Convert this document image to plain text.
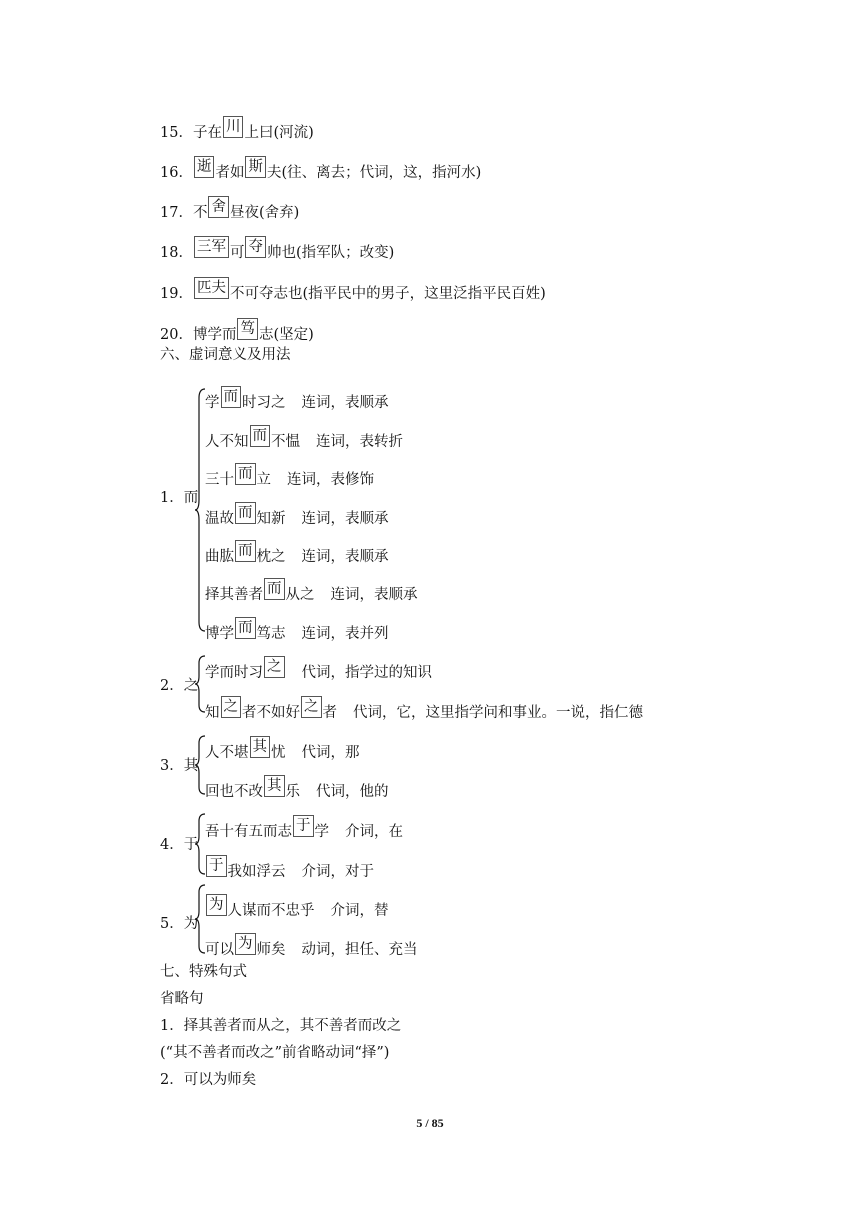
15．子在 川 上曰(河流)
16． 逝 者如 斯 夫(往、离去；代词，这，指河水)
17．不 舍 昼夜(舍弃)
18． 三军 可 夺 帅也(指军队；改变)
19． 匹夫 不可夺志也(指平民中的男子，这里泛指平民百姓)
20．博学而 笃 志(坚定)
六、虚词意义及用法
1．而
学 而 时习之 连词，表顺承
人不知 而 不愠 连词，表转折
三十 而 立 连词，表修饰
温故 而 知新 连词，表顺承
曲肱 而 枕之 连词，表顺承
择其善者 而 从之 连词，表顺承
博学 而 笃志 连词，表并列
2．之
学而时习 之 代词，指学过的知识
知 之 者不如好 之 者 代词，它，这里指学问和事业。一说，指仁德
3．其
人不堪 其 忧 代词，那
回也不改 其 乐 代词，他的
4．于
吾十有五而志 于 学 介词，在
于 我如浮云 介词，对于
5．为
为 人谋而不忠乎 介词，替
可以 为 师矣 动词，担任、充当
七、特殊句式
省略句
1．择其善者而从之，其不善者而改之
(“其不善者而改之”前省略动词“择”)
2．可以为师矣
5 / 85
